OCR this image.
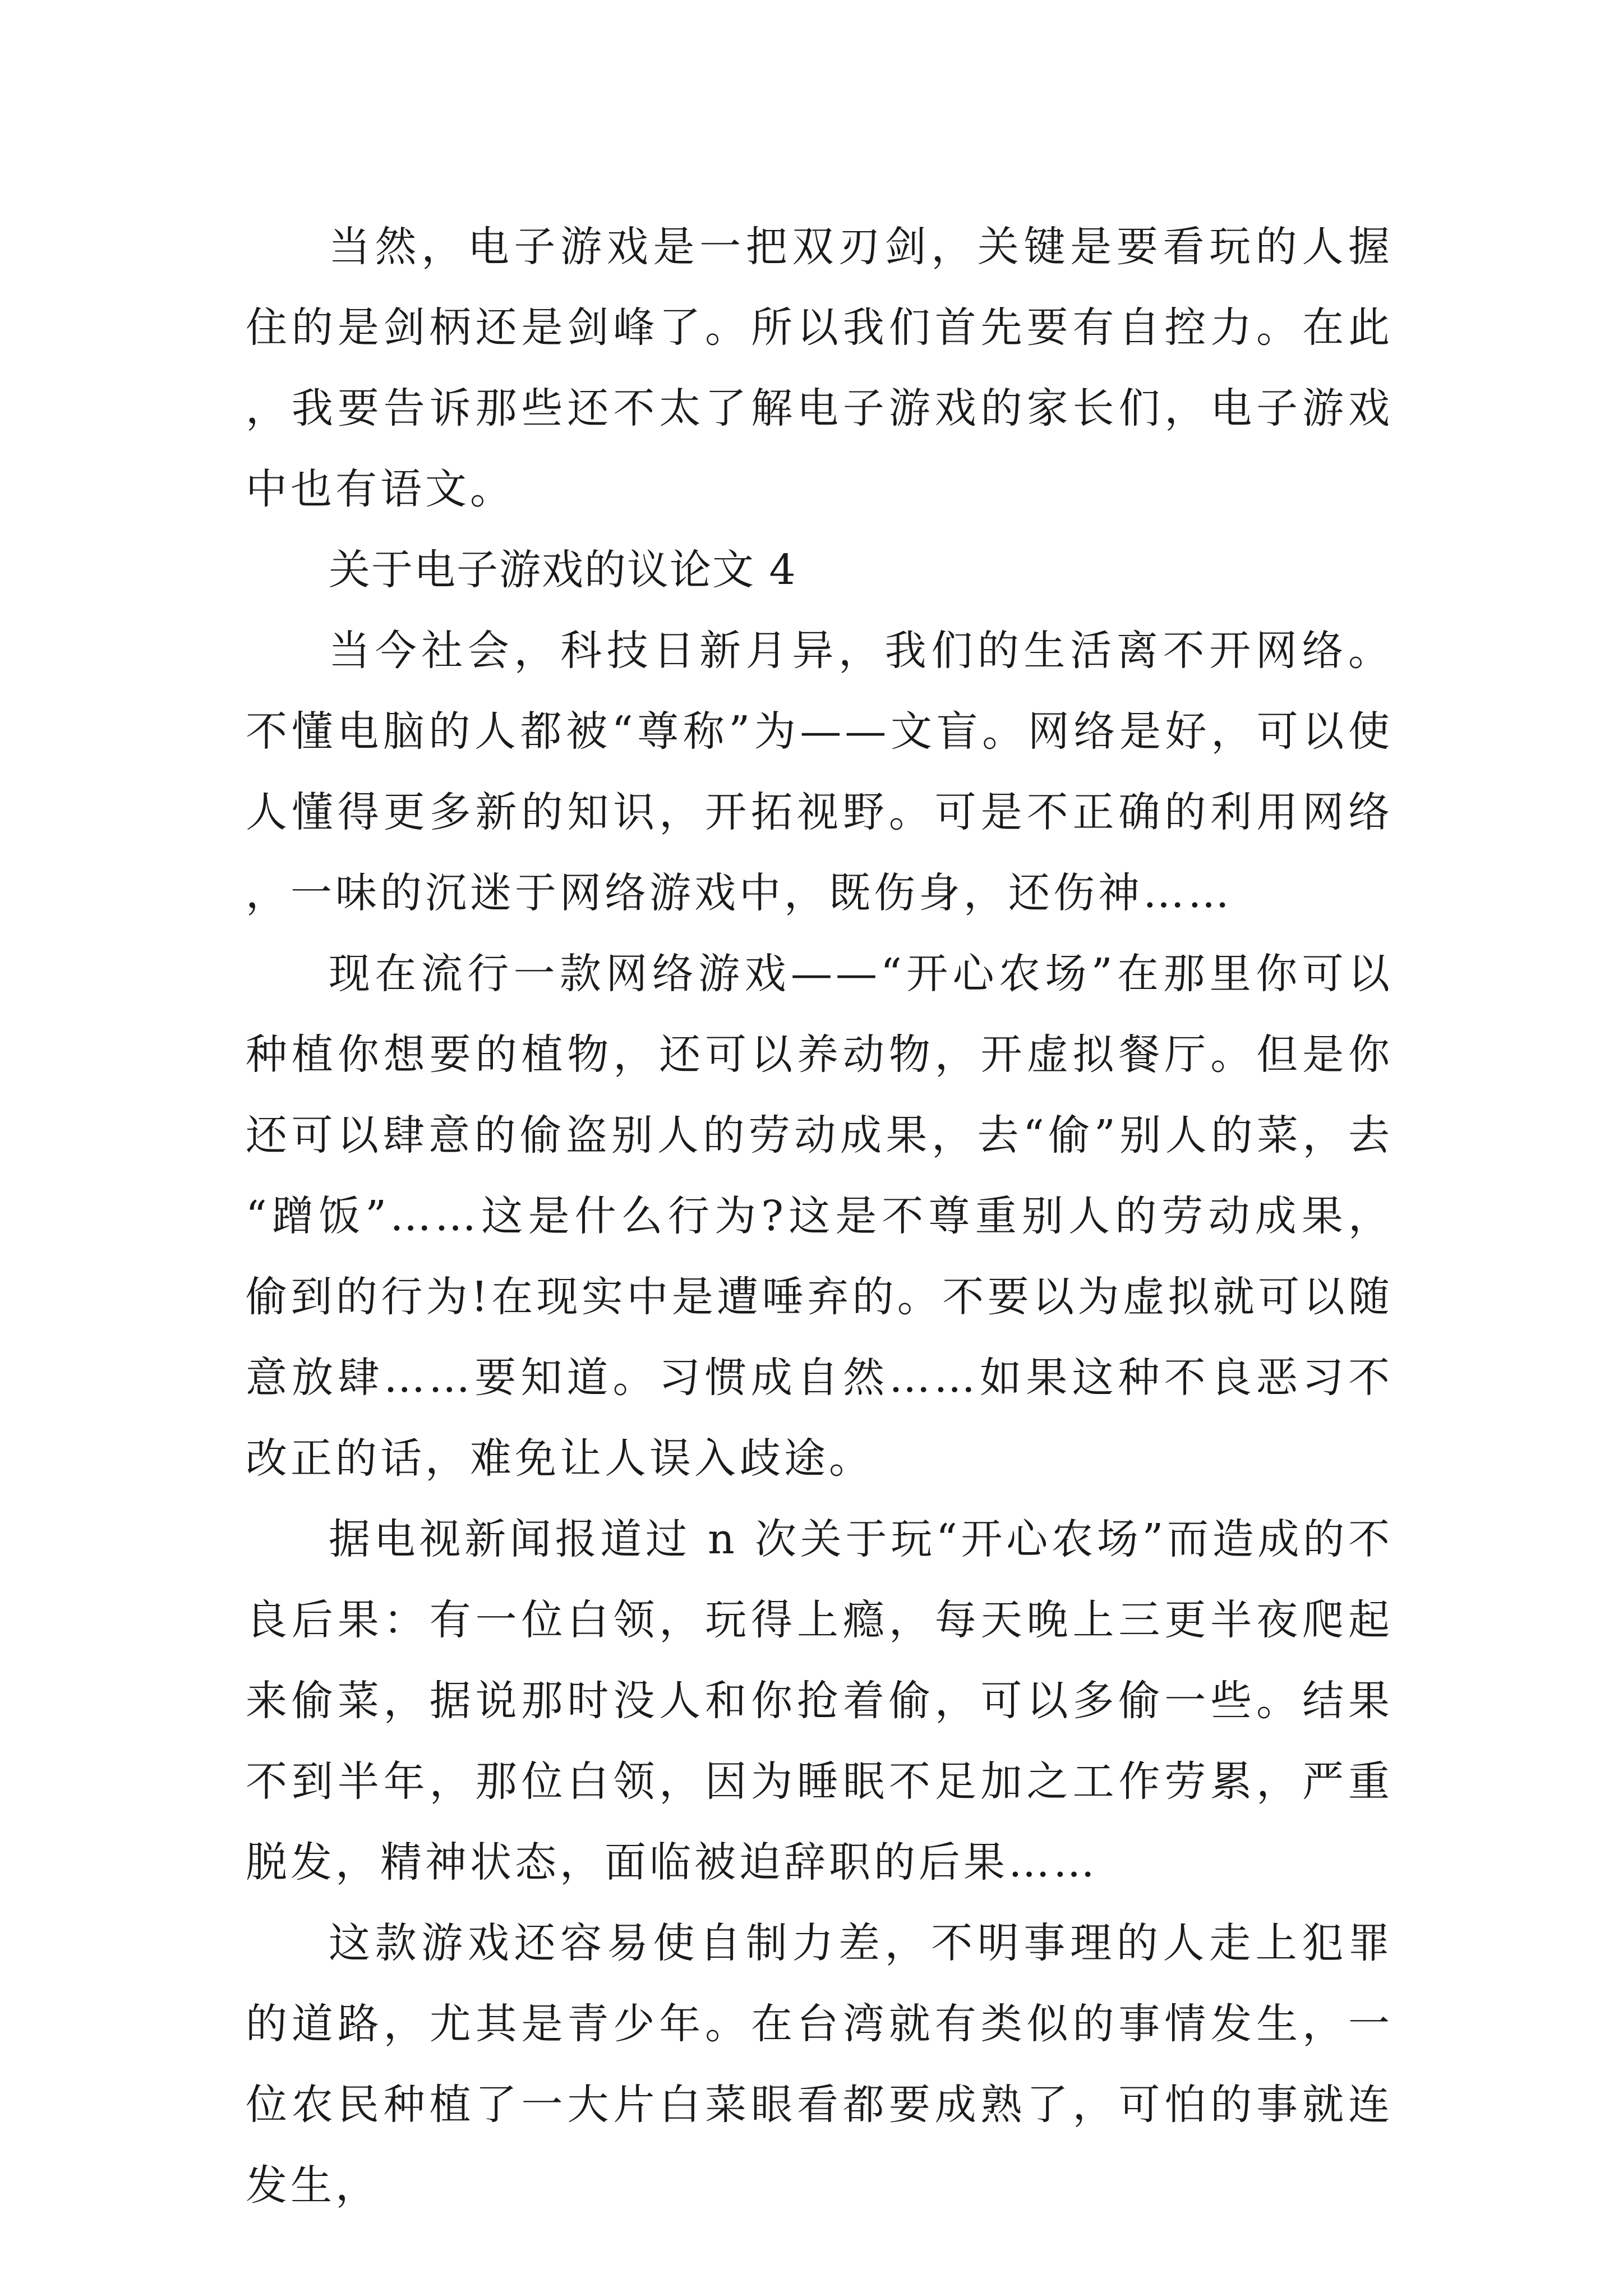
当然，电子游戏是一把双刃剑，关键是要看玩的人握住的是剑柄还是剑峰了。所以我们首先要有自控力。在此，我要告诉那些还不太了解电子游戏的家长们，电子游戏中也有语文。

关于电子游戏的议论文 4

当今社会，科技日新月异，我们的生活离不开网络。不懂电脑的人都被“尊称”为——文盲。网络是好，可以使人懂得更多新的知识，开拓视野。可是不正确的利用网络，一味的沉迷于网络游戏中，既伤身，还伤神……

现在流行一款网络游戏——“开心农场”在那里你可以种植你想要的植物，还可以养动物，开虚拟餐厅。但是你还可以肆意的偷盗别人的劳动成果，去“偷”别人的菜，去“蹭饭”……这是什么行为?这是不尊重别人的劳动成果，偷到的行为!在现实中是遭唾弃的。不要以为虚拟就可以随意放肆……要知道。习惯成自然……如果这种不良恶习不改正的话，难免让人误入歧途。

据电视新闻报道过 n 次关于玩“开心农场”而造成的不良后果：有一位白领，玩得上瘾，每天晚上三更半夜爬起来偷菜，据说那时没人和你抢着偷，可以多偷一些。结果不到半年，那位白领，因为睡眠不足加之工作劳累，严重脱发，精神状态，面临被迫辞职的后果……

这款游戏还容易使自制力差，不明事理的人走上犯罪的道路，尤其是青少年。在台湾就有类似的事情发生，一位农民种植了一大片白菜眼看都要成熟了，可怕的事就连发生，
